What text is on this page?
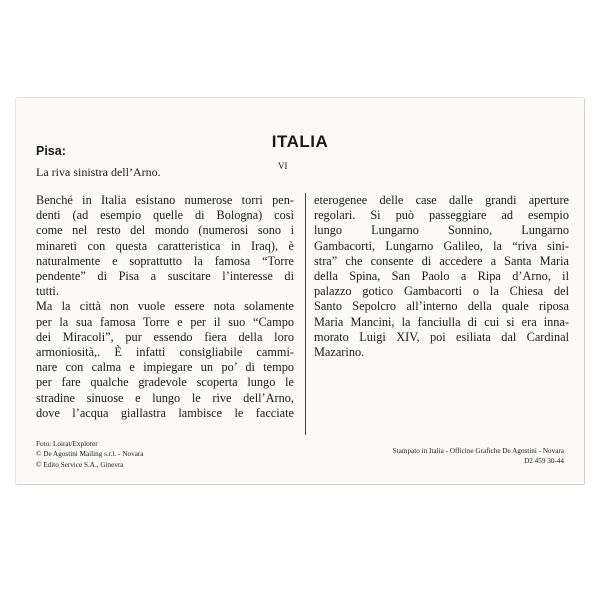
ITALIA
VI
Pisa:
La riva sinistra dell’Arno.
Benché in Italia esistano numerose torri pen-
denti (ad esempio quelle di Bologna) così
come nel resto del mondo (numerosi sono i
minareti con questa caratteristica in Iraq), è
naturalmente e soprattutto la famosa “Torre
pendente” di Pisa a suscitare l’interesse di
tutti.
Ma la città non vuole essere nota solamente
per la sua famosa Torre e per il suo “Campo
dei Miracoli”, pur essendo fiera della loro
armoniosità,. È infatti consigliabile cammi-
nare con calma e impiegare un po’ di tempo
per fare qualche gradevole scoperta lungo le
stradine sinuose e lungo le rive dell’Arno,
dove l’acqua giallastra lambisce le facciate
eterogenee delle case dalle grandi aperture
regolari. Si può passeggiare ad esempio
lungo Lungarno Sonnino, Lungarno
Gambacorti, Lungarno Galileo, la “riva sini-
stra” che consente di accedere a Santa Maria
della Spina, San Paolo a Ripa d’Arno, il
palazzo gotico Gambacorti o la Chiesa del
Santo Sepolcro all’interno della quale riposa
Maria Mancini, la fanciulla di cui si era inna-
morato Luigi XIV, poi esiliata dal Cardinal
Mazarino.
Foto: Loirat/Explorer
© De Agostini Mailing s.r.l. - Novara
© Edito Service S.A., Ginevra
Stampato in Italia - Officine Grafiche De Agostini - Novara
D2 459 30-44
